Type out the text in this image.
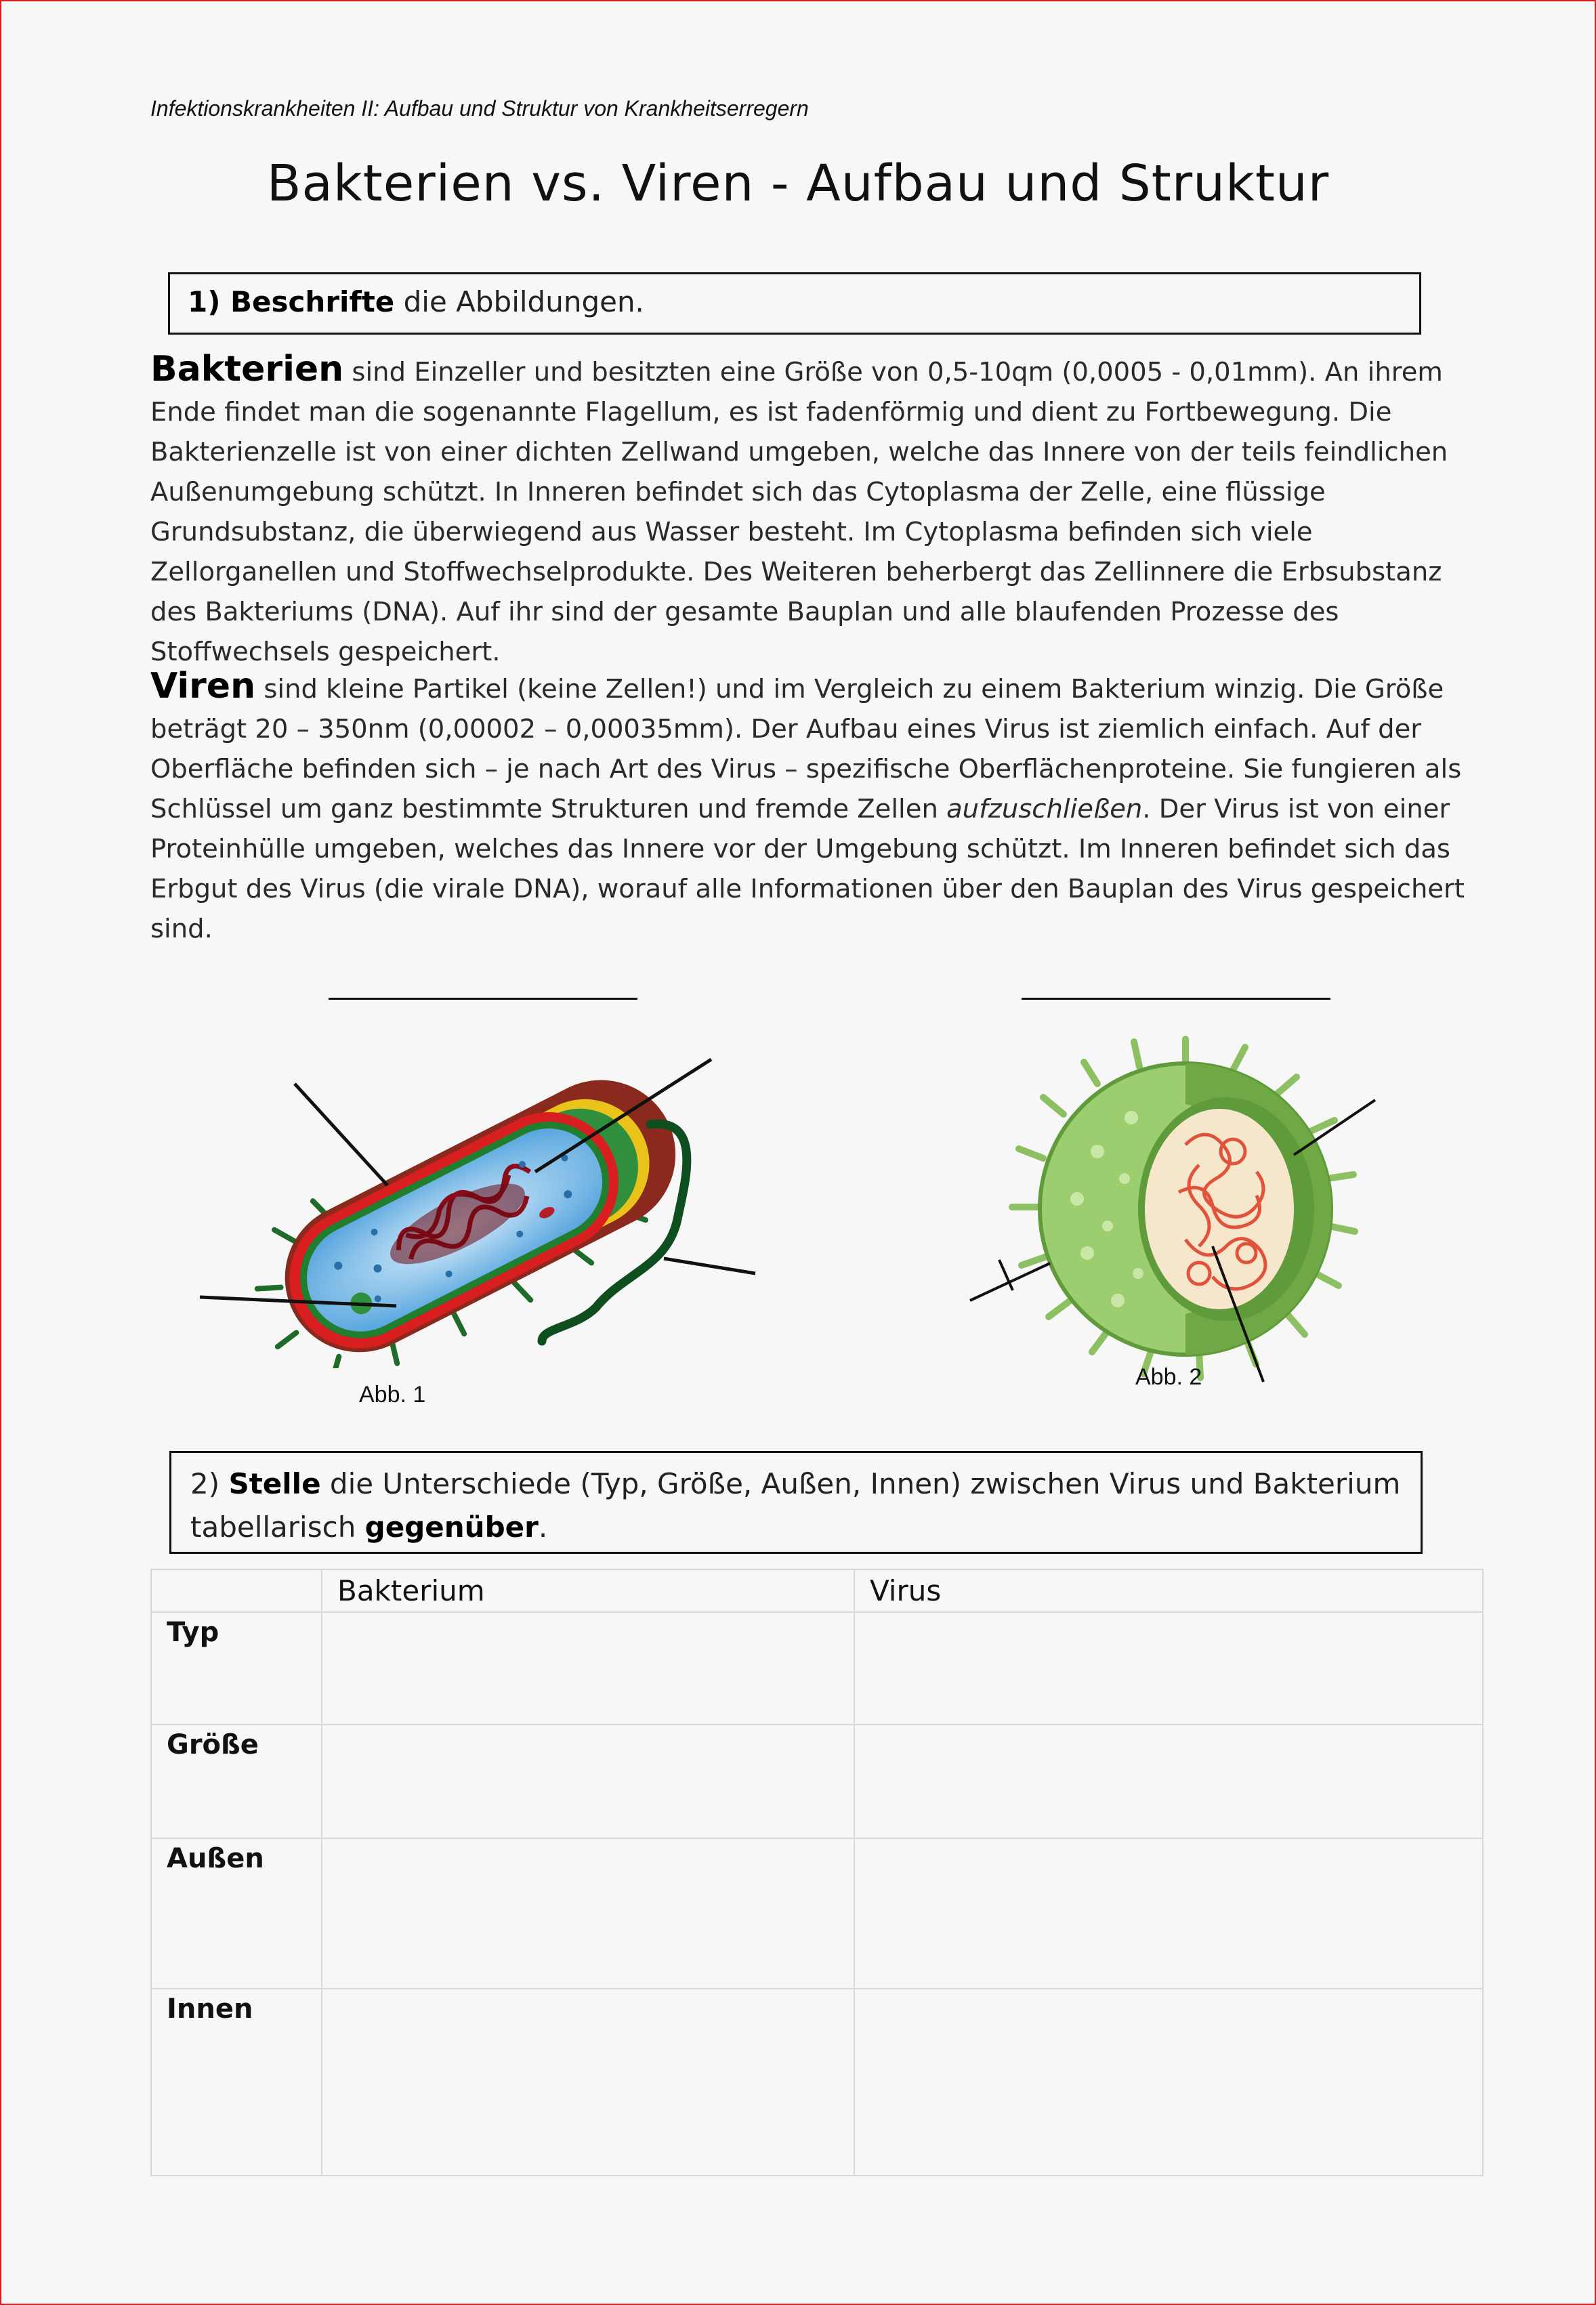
Infektionskrankheiten II: Aufbau und Struktur von Krankheitserregern
Bakterien vs. Viren - Aufbau und Struktur
1) Beschrifte die Abbildungen.
Bakterien sind Einzeller und besitzten eine Größe von 0,5-10qm (0,0005 - 0,01mm). An ihrem Ende findet man die sogenannte Flagellum, es ist fadenförmig und dient zu Fortbewegung. Die Bakterienzelle ist von einer dichten Zellwand umgeben, welche das Innere von der teils feindlichen Außenumgebung schützt. In Inneren befindet sich das Cytoplasma der Zelle, eine flüssige Grundsubstanz, die überwiegend aus Wasser besteht. Im Cytoplasma befinden sich viele Zellorganellen und Stoffwechselprodukte. Des Weiteren beherbergt das Zellinnere die Erbsubstanz des Bakteriums (DNA). Auf ihr sind der gesamte Bauplan und alle blaufenden Prozesse des Stoffwechsels gespeichert.
Viren sind kleine Partikel (keine Zellen!) und im Vergleich zu einem Bakterium winzig. Die Größe beträgt 20 – 350nm (0,00002 – 0,00035mm). Der Aufbau eines Virus ist ziemlich einfach. Auf der Oberfläche befinden sich – je nach Art des Virus – spezifische Oberflächenproteine. Sie fungieren als Schlüssel um ganz bestimmte Strukturen und fremde Zellen aufzuschließen. Der Virus ist von einer Proteinhülle umgeben, welches das Innere vor der Umgebung schützt. Im Inneren befindet sich das Erbgut des Virus (die virale DNA), worauf alle Informationen über den Bauplan des Virus gespeichert sind.
Abb. 1
Abb. 2
2) Stelle die Unterschiede (Typ, Größe, Außen, Innen) zwischen Virus und Bakterium tabellarisch gegenüber.
	Bakterium	Virus
Typ		
Größe		
Außen		
Innen		
